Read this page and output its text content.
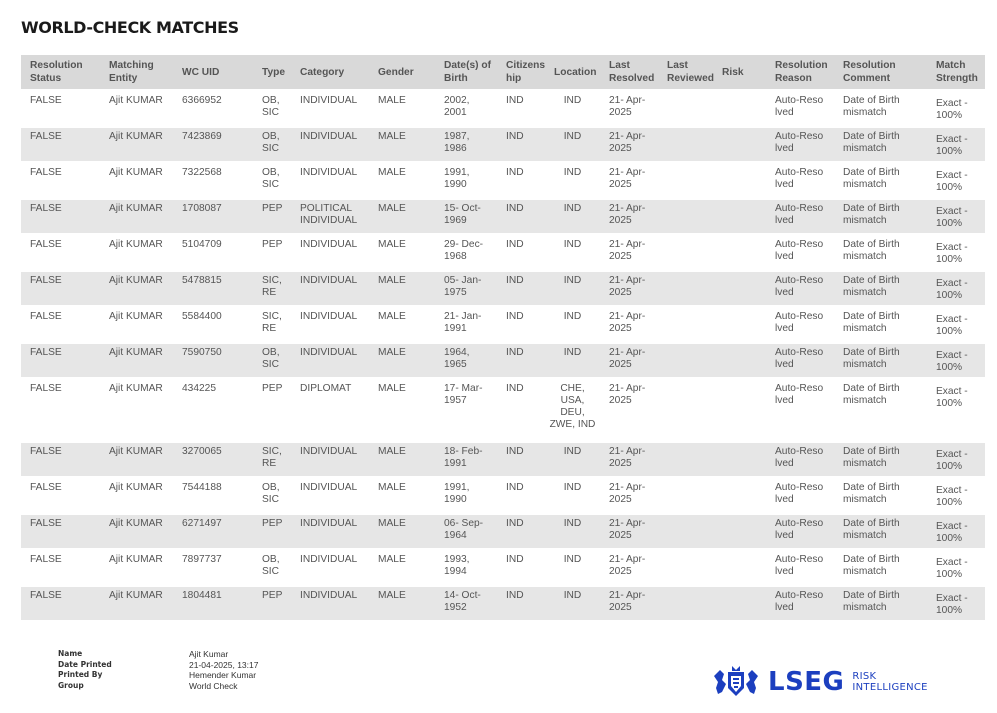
WORLD-CHECK MATCHES
Resolution Status	Matching Entity	WC UID	Type	Category	Gender	Date(s) of Birth	Citizens hip	Location	Last Resolved	Last Reviewed	Risk	Resolution Reason	Resolution Comment	Match Strength
FALSE	Ajit KUMAR	6366952	OB, SIC	INDIVIDUAL	MALE	2002, 2001	IND	IND	21- Apr-2025			Auto-Reso lved	Date of Birth mismatch	Exact - 100%
FALSE	Ajit KUMAR	7423869	OB, SIC	INDIVIDUAL	MALE	1987, 1986	IND	IND	21- Apr-2025			Auto-Reso lved	Date of Birth mismatch	Exact - 100%
FALSE	Ajit KUMAR	7322568	OB, SIC	INDIVIDUAL	MALE	1991, 1990	IND	IND	21- Apr-2025			Auto-Reso lved	Date of Birth mismatch	Exact - 100%
FALSE	Ajit KUMAR	1708087	PEP	POLITICAL INDIVIDUAL	MALE	15- Oct-1969	IND	IND	21- Apr-2025			Auto-Reso lved	Date of Birth mismatch	Exact - 100%
FALSE	Ajit KUMAR	5104709	PEP	INDIVIDUAL	MALE	29- Dec-1968	IND	IND	21- Apr-2025			Auto-Reso lved	Date of Birth mismatch	Exact - 100%
FALSE	Ajit KUMAR	5478815	SIC, RE	INDIVIDUAL	MALE	05- Jan-1975	IND	IND	21- Apr-2025			Auto-Reso lved	Date of Birth mismatch	Exact - 100%
FALSE	Ajit KUMAR	5584400	SIC, RE	INDIVIDUAL	MALE	21- Jan-1991	IND	IND	21- Apr-2025			Auto-Reso lved	Date of Birth mismatch	Exact - 100%
FALSE	Ajit KUMAR	7590750	OB, SIC	INDIVIDUAL	MALE	1964, 1965	IND	IND	21- Apr-2025			Auto-Reso lved	Date of Birth mismatch	Exact - 100%
FALSE	Ajit KUMAR	434225	PEP	DIPLOMAT	MALE	17- Mar-1957	IND	CHE, USA, DEU, ZWE, IND	21- Apr-2025			Auto-Reso lved	Date of Birth mismatch	Exact - 100%
FALSE	Ajit KUMAR	3270065	SIC, RE	INDIVIDUAL	MALE	18- Feb-1991	IND	IND	21- Apr-2025			Auto-Reso lved	Date of Birth mismatch	Exact - 100%
FALSE	Ajit KUMAR	7544188	OB, SIC	INDIVIDUAL	MALE	1991, 1990	IND	IND	21- Apr-2025			Auto-Reso lved	Date of Birth mismatch	Exact - 100%
FALSE	Ajit KUMAR	6271497	PEP	INDIVIDUAL	MALE	06- Sep-1964	IND	IND	21- Apr-2025			Auto-Reso lved	Date of Birth mismatch	Exact - 100%
FALSE	Ajit KUMAR	7897737	OB, SIC	INDIVIDUAL	MALE	1993, 1994	IND	IND	21- Apr-2025			Auto-Reso lved	Date of Birth mismatch	Exact - 100%
FALSE	Ajit KUMAR	1804481	PEP	INDIVIDUAL	MALE	14- Oct-1952	IND	IND	21- Apr-2025			Auto-Reso lved	Date of Birth mismatch	Exact - 100%
Name	Ajit Kumar
Date Printed	21-04-2025, 13:17
Printed By	Hemender Kumar
Group	World Check	LSEG RISK
INTELLIGENCE
